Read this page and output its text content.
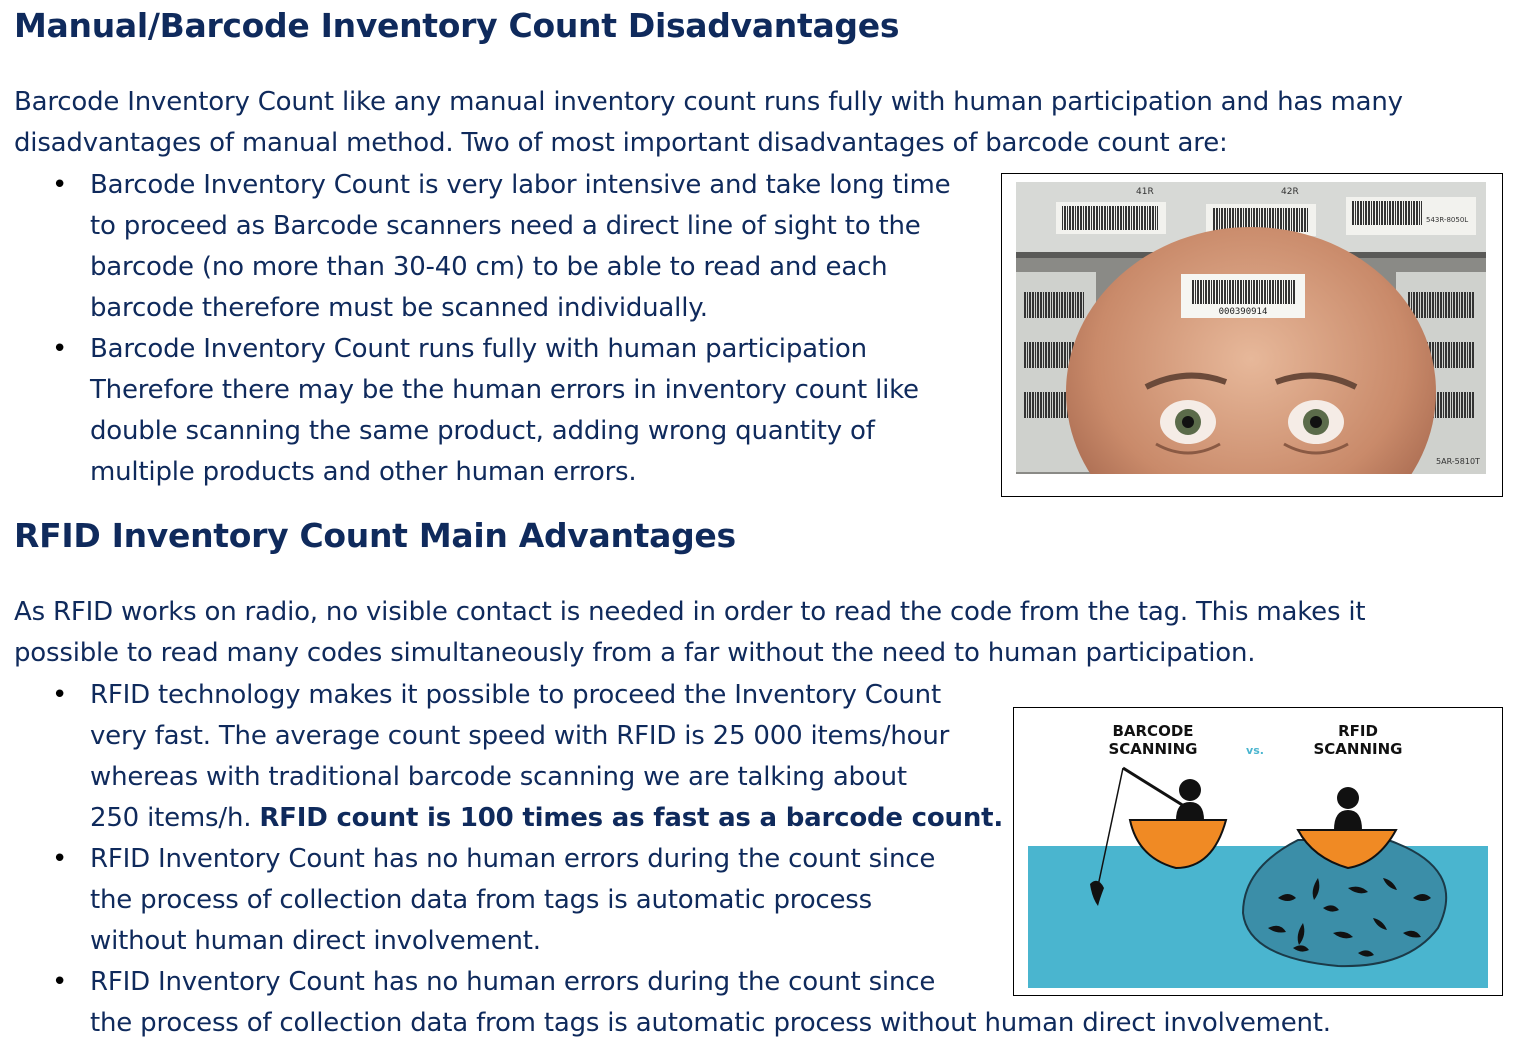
Manual/Barcode Inventory Count Disadvantages
Barcode Inventory Count like any manual inventory count runs fully with human participation and has many
disadvantages of manual method. Two of most important disadvantages of barcode count are:
• Barcode Inventory Count is very labor intensive and take long time
to proceed as Barcode scanners need a direct line of sight to the
barcode (no more than 30-40 cm) to be able to read and each
barcode therefore must be scanned individually.
• Barcode Inventory Count runs fully with human participation
Therefore there may be the human errors in inventory count like
double scanning the same product, adding wrong quantity of
multiple products and other human errors.
41R	42R
543R-8050L
5AR-5810T
000390914
RFID Inventory Count Main Advantages
As RFID works on radio, no visible contact is needed in order to read the code from the tag. This makes it
possible to read many codes simultaneously from a far without the need to human participation.
• RFID technology makes it possible to proceed the Inventory Count
very fast. The average count speed with RFID is 25 000 items/hour
whereas with traditional barcode scanning we are talking about
250 items/h. RFID count is 100 times as fast as a barcode count.
• RFID Inventory Count has no human errors during the count since
the process of collection data from tags is automatic process
without human direct involvement.
• RFID Inventory Count has no human errors during the count since
the process of collection data from tags is automatic process without human direct involvement.
BARCODE
SCANNING	vs.
RFID
SCANNING
